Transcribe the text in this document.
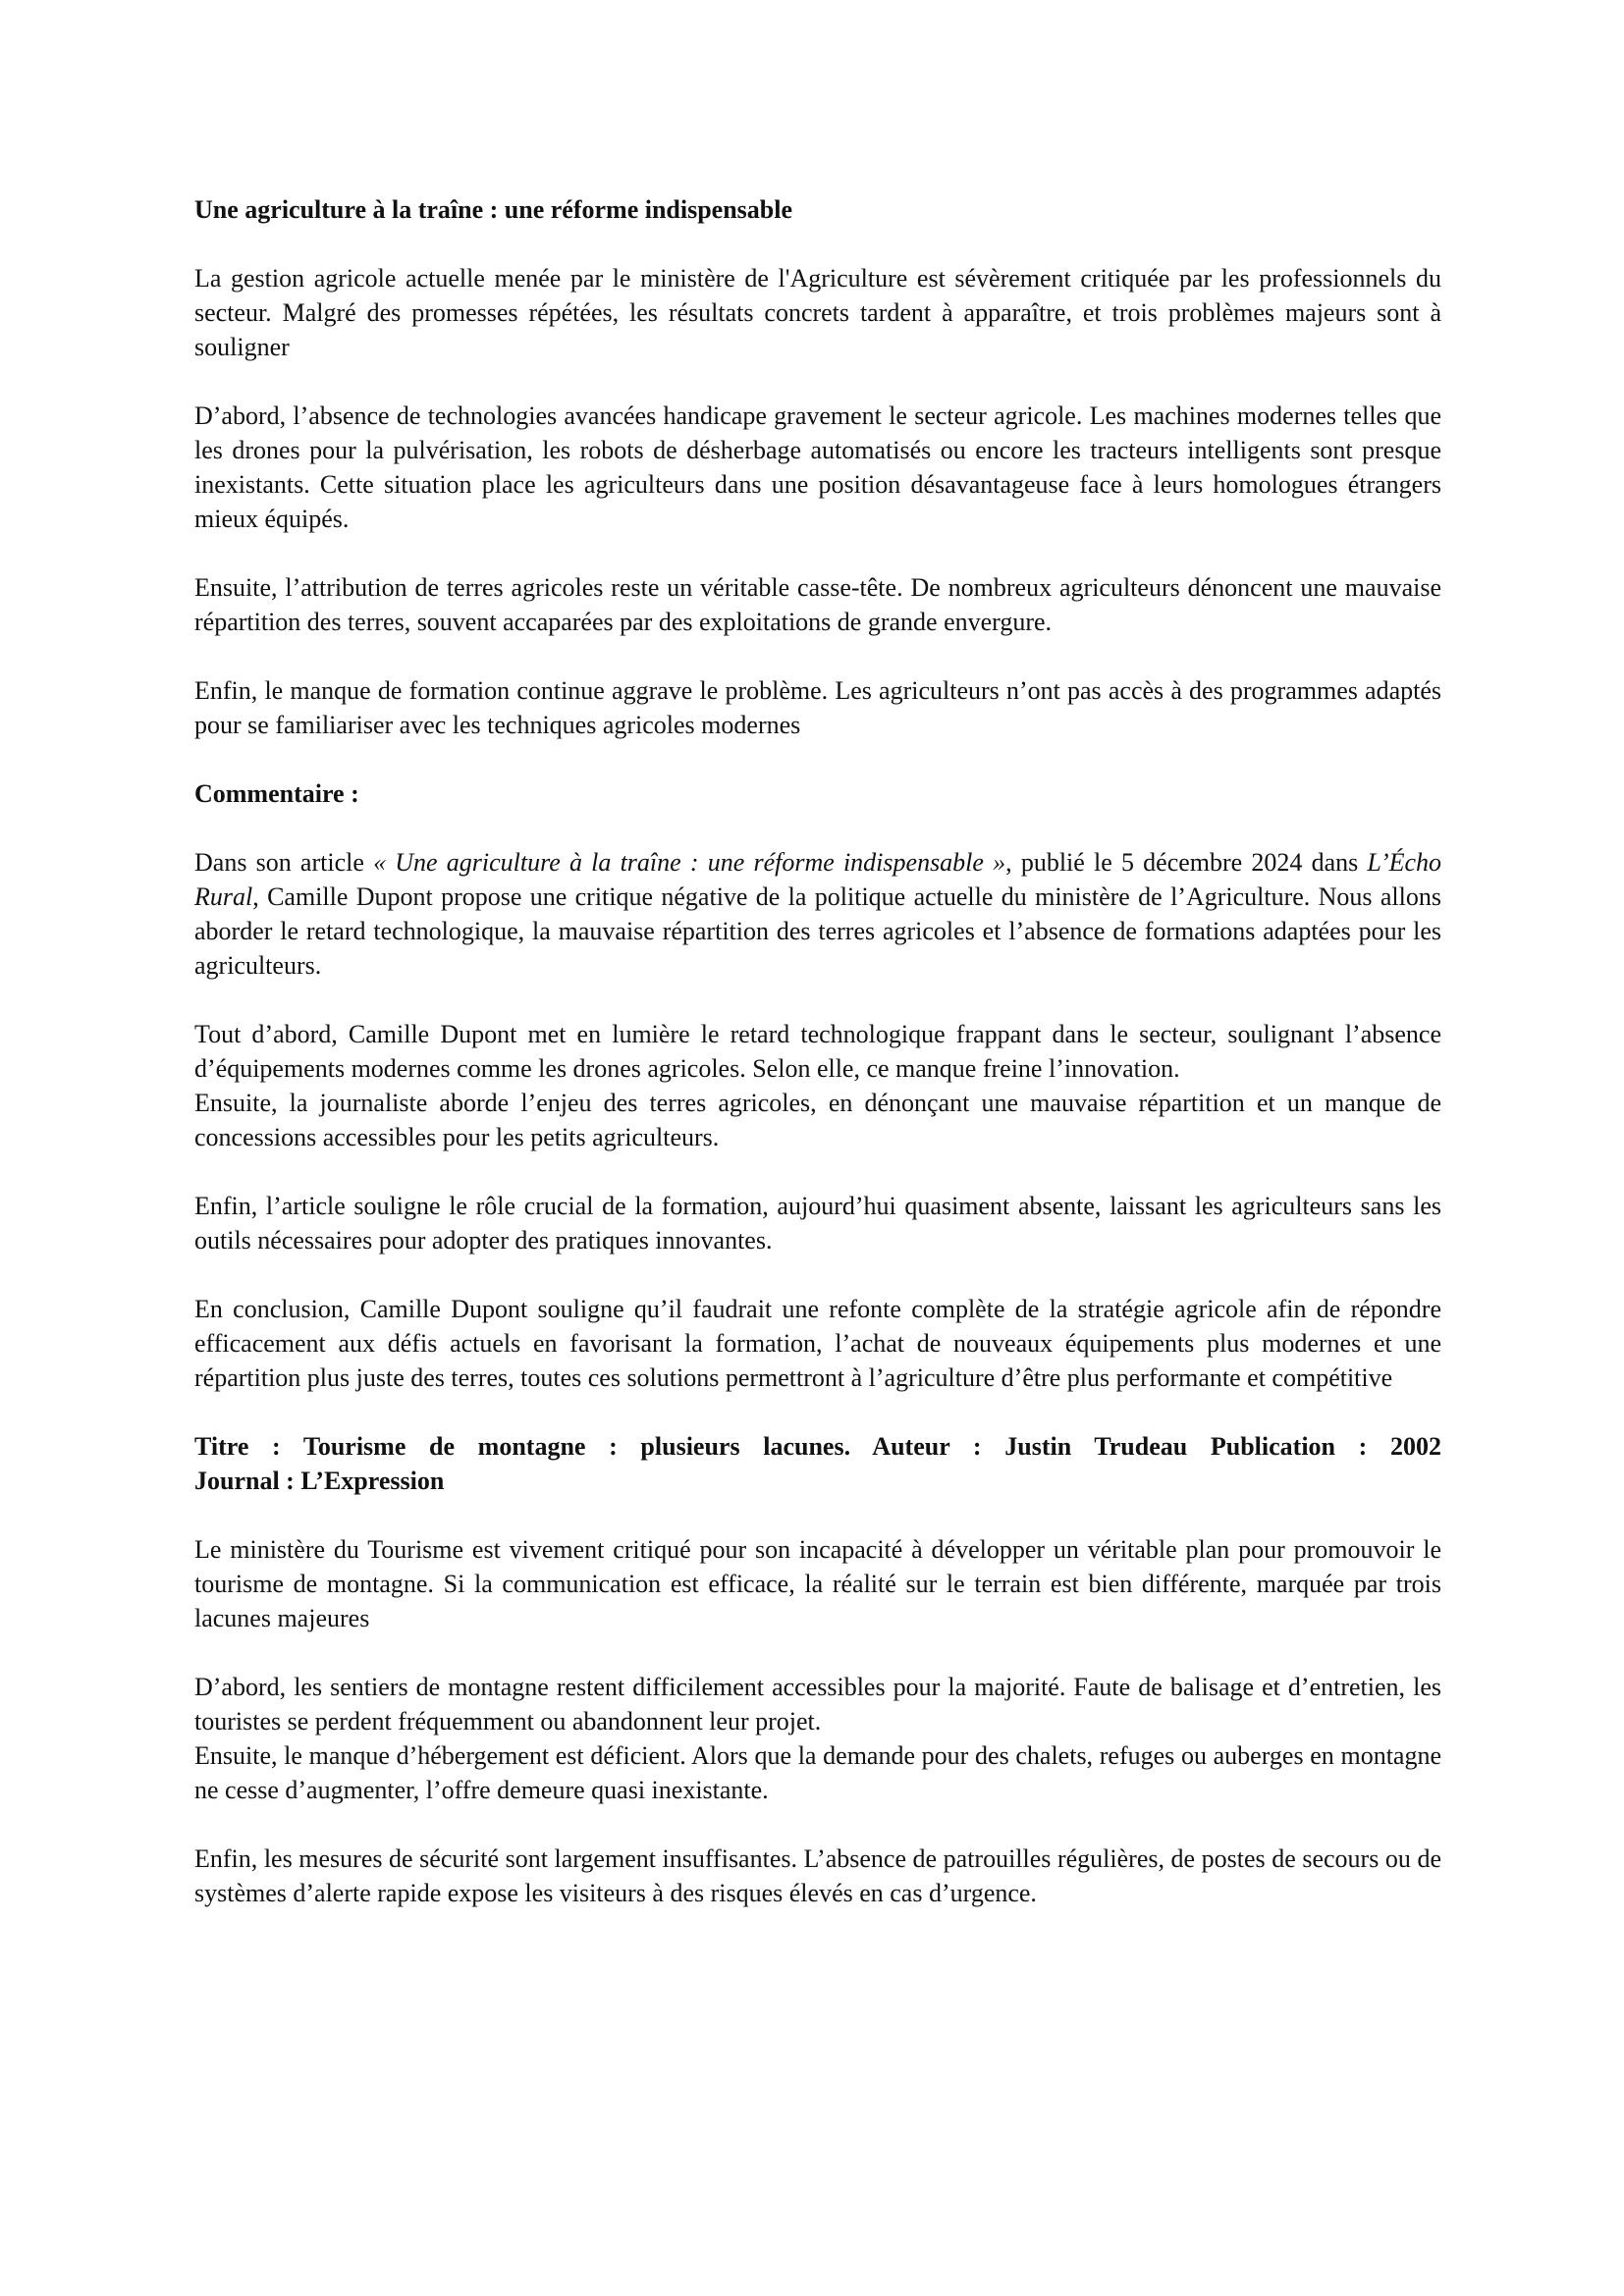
Une agriculture à la traîne : une réforme indispensable

La gestion agricole actuelle menée par le ministère de l'Agriculture est sévèrement critiquée par les professionnels du secteur. Malgré des promesses répétées, les résultats concrets tardent à apparaître, et trois problèmes majeurs sont à souligner

D’abord, l’absence de technologies avancées handicape gravement le secteur agricole. Les machines modernes telles que les drones pour la pulvérisation, les robots de désherbage automatisés ou encore les tracteurs intelligents sont presque inexistants. Cette situation place les agriculteurs dans une position désavantageuse face à leurs homologues étrangers mieux équipés.

Ensuite, l’attribution de terres agricoles reste un véritable casse-tête. De nombreux agriculteurs dénoncent une mauvaise répartition des terres, souvent accaparées par des exploitations de grande envergure.

Enfin, le manque de formation continue aggrave le problème. Les agriculteurs n’ont pas accès à des programmes adaptés pour se familiariser avec les techniques agricoles modernes

Commentaire :

Dans son article « Une agriculture à la traîne : une réforme indispensable », publié le 5 décembre 2024 dans L’Écho Rural, Camille Dupont propose une critique négative de la politique actuelle du ministère de l’Agriculture. Nous allons aborder le retard technologique, la mauvaise répartition des terres agricoles et l’absence de formations adaptées pour les agriculteurs.

Tout d’abord, Camille Dupont met en lumière le retard technologique frappant dans le secteur, soulignant l’absence d’équipements modernes comme les drones agricoles. Selon elle, ce manque freine l’innovation.

Ensuite, la journaliste aborde l’enjeu des terres agricoles, en dénonçant une mauvaise répartition et un manque de concessions accessibles pour les petits agriculteurs.

Enfin, l’article souligne le rôle crucial de la formation, aujourd’hui quasiment absente, laissant les agriculteurs sans les outils nécessaires pour adopter des pratiques innovantes.

En conclusion, Camille Dupont souligne qu’il faudrait une refonte complète de la stratégie agricole afin de répondre efficacement aux défis actuels en favorisant la formation, l’achat de nouveaux équipements plus modernes et une répartition plus juste des terres, toutes ces solutions permettront à l’agriculture d’être plus performante et compétitive

Titre : Tourisme de montagne : plusieurs lacunes. Auteur : Justin Trudeau Publication : 2002
Journal : L’Expression

Le ministère du Tourisme est vivement critiqué pour son incapacité à développer un véritable plan pour promouvoir le tourisme de montagne. Si la communication est efficace, la réalité sur le terrain est bien différente, marquée par trois lacunes majeures

D’abord, les sentiers de montagne restent difficilement accessibles pour la majorité. Faute de balisage et d’entretien, les touristes se perdent fréquemment ou abandonnent leur projet.

Ensuite, le manque d’hébergement est déficient. Alors que la demande pour des chalets, refuges ou auberges en montagne ne cesse d’augmenter, l’offre demeure quasi inexistante.

Enfin, les mesures de sécurité sont largement insuffisantes. L’absence de patrouilles régulières, de postes de secours ou de systèmes d’alerte rapide expose les visiteurs à des risques élevés en cas d’urgence.
